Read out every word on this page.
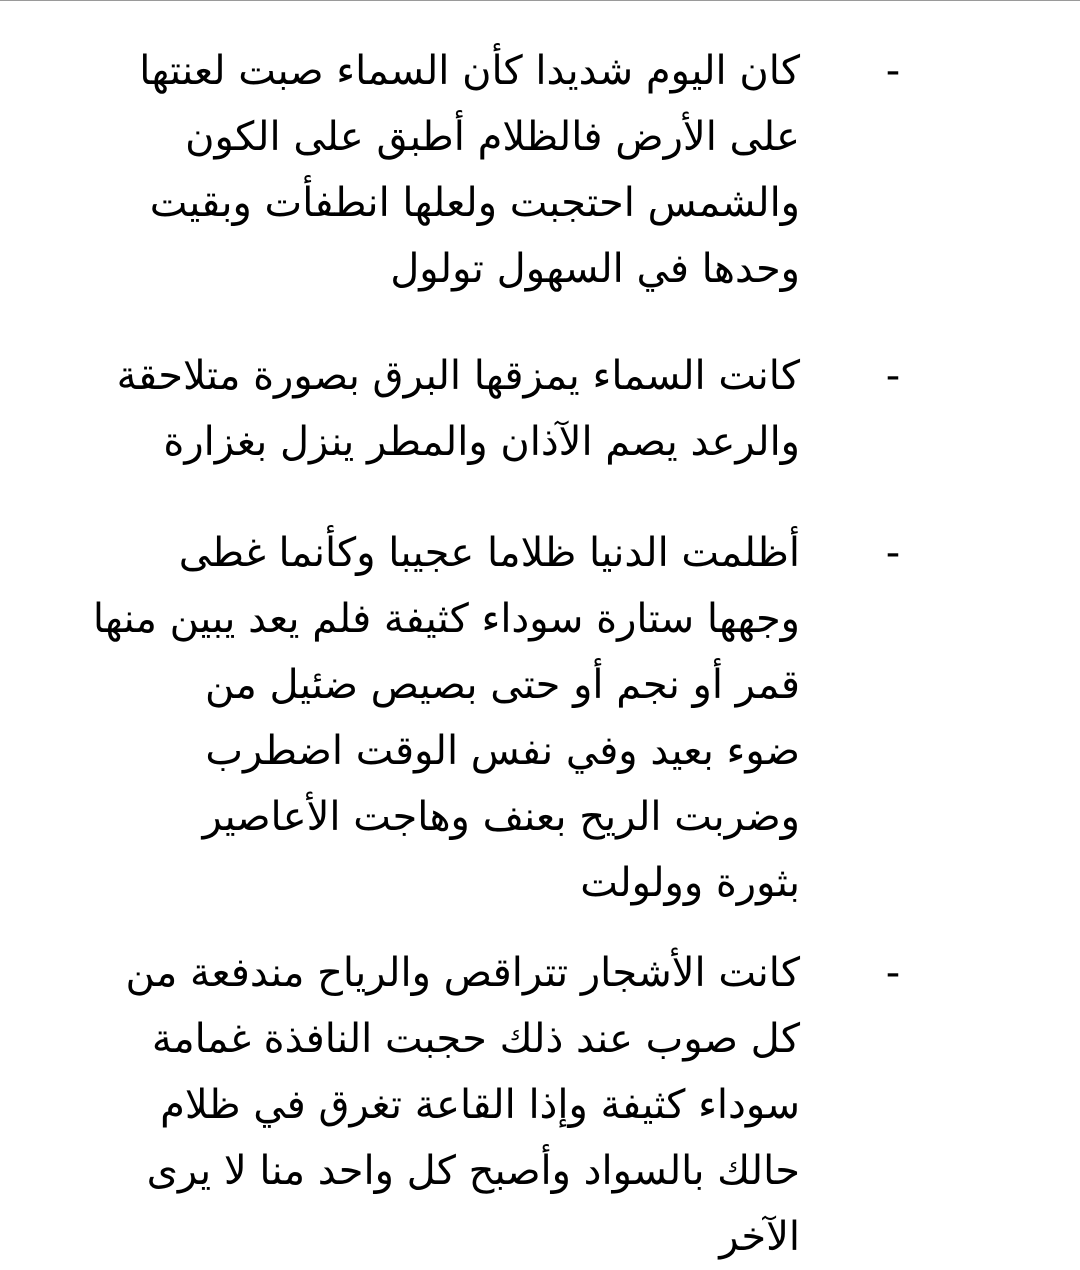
-
كان اليوم شديدا كأن السماء صبت لعنتها
على الأرض فالظلام أطبق على الكون
والشمس احتجبت ولعلها انطفأت وبقيت
وحدها في السهول تولول
-
كانت السماء يمزقها البرق بصورة متلاحقة
والرعد يصم الآذان والمطر ينزل بغزارة
-
أظلمت الدنيا ظلاما عجيبا وكأنما غطى
وجهها ستارة سوداء كثيفة فلم يعد يبين منها
قمر أو نجم أو حتى بصيص ضئيل من
ضوء بعيد وفي نفس الوقت اضطرب
وضربت الريح بعنف وهاجت الأعاصير
بثورة وولولت
-
كانت الأشجار تتراقص والرياح مندفعة من
كل صوب عند ذلك حجبت النافذة غمامة
سوداء كثيفة وإذا القاعة تغرق في ظلام
حالك بالسواد وأصبح كل واحد منا لا يرى
الآخر
